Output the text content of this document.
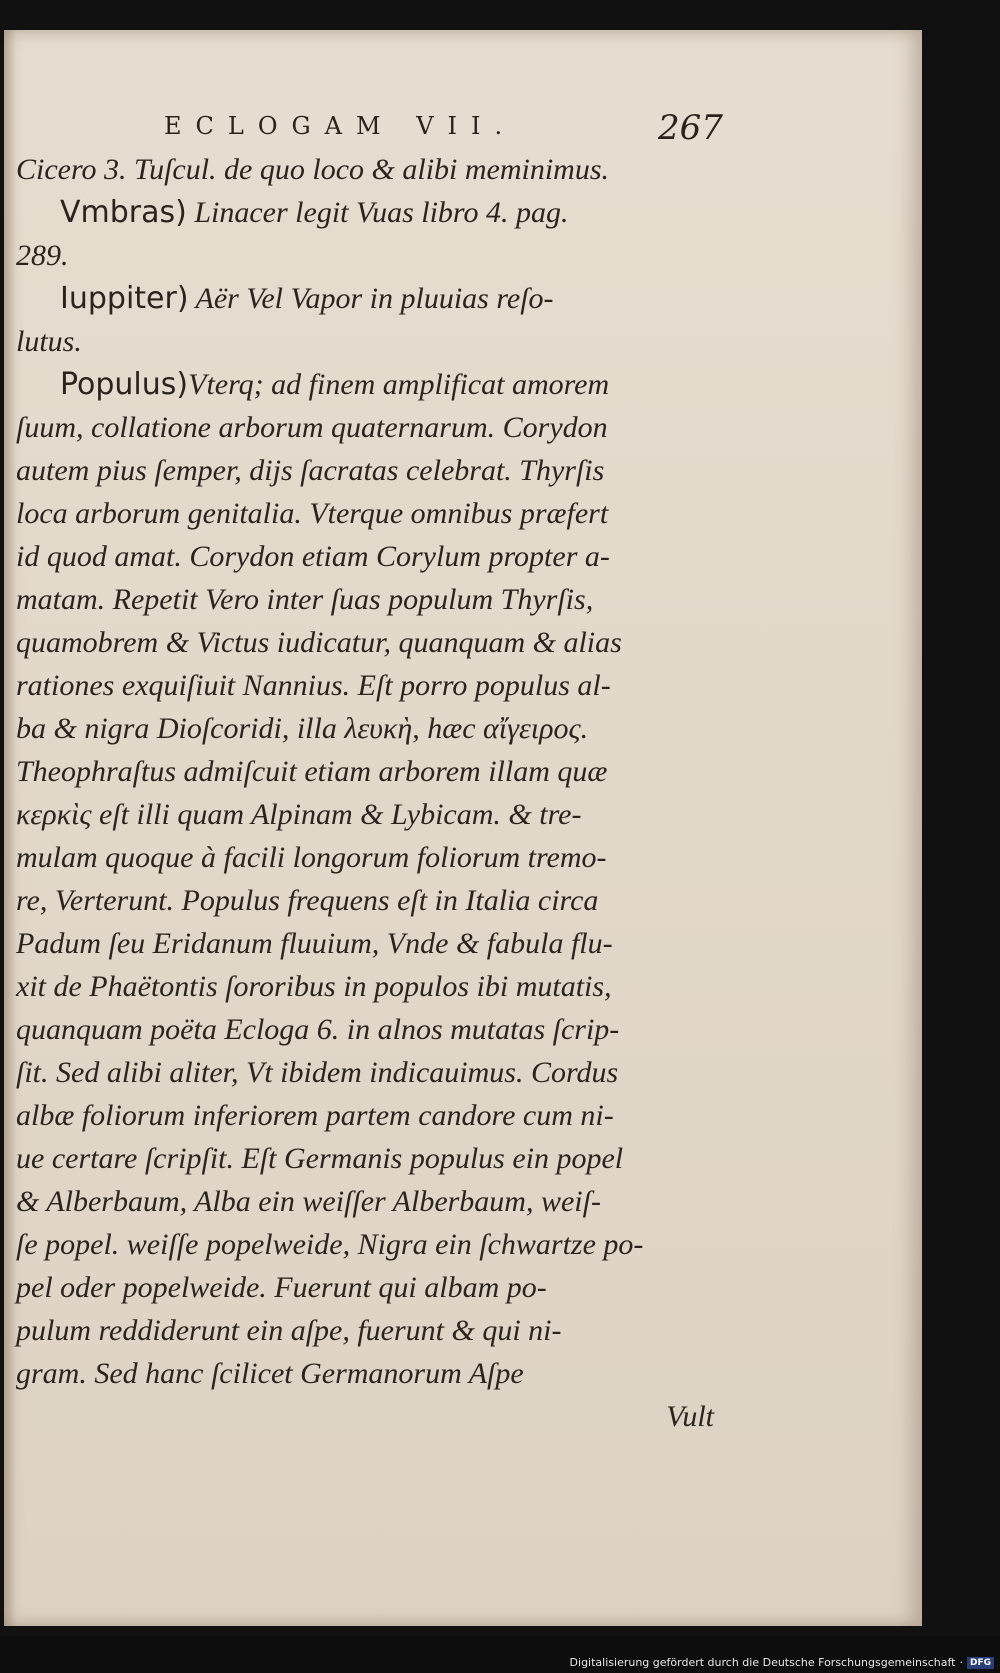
ECLOGAM VII.	267
Cicero 3. Tuſcul. de quo loco & alibi meminimus.
Vmbras) Linacer legit Vuas libro 4. pag.
289.
Iuppiter) Aër Vel Vapor in pluuias reſo-
lutus.
Populus)Vterq; ad finem amplificat amorem
ſuum, collatione arborum quaternarum. Corydon
autem pius ſemper, dijs ſacratas celebrat. Thyrſis
loca arborum genitalia. Vterque omnibus præfert
id quod amat. Corydon etiam Corylum propter a-
matam. Repetit Vero inter ſuas populum Thyrſis,
quamobrem & Victus iudicatur, quanquam & alias
rationes exquiſiuit Nannius. Eſt porro populus al-
ba & nigra Dioſcoridi, illa λευκὴ, hæc αἴγειρος.
Theophraſtus admiſcuit etiam arborem illam quæ
κερκὶς eſt illi quam Alpinam & Lybicam. & tre-
mulam quoque à facili longorum foliorum tremo-
re, Verterunt. Populus frequens eſt in Italia circa
Padum ſeu Eridanum fluuium, Vnde & fabula flu-
xit de Phaëtontis ſororibus in populos ibi mutatis,
quanquam poëta Ecloga 6. in alnos mutatas ſcrip-
ſit. Sed alibi aliter, Vt ibidem indicauimus. Cordus
albæ foliorum inferiorem partem candore cum ni-
ue certare ſcripſit. Eſt Germanis populus ein popel
& Alberbaum, Alba ein weiſſer Alberbaum, weiſ-
ſe popel. weiſſe popelweide, Nigra ein ſchwartze po-
pel oder popelweide. Fuerunt qui albam po-
pulum reddiderunt ein aſpe, fuerunt & qui ni-
gram. Sed hanc ſcilicet Germanorum Aſpe
Vult
Digitalisierung gefördert durch die Deutsche Forschungsgemeinschaft · DFG
